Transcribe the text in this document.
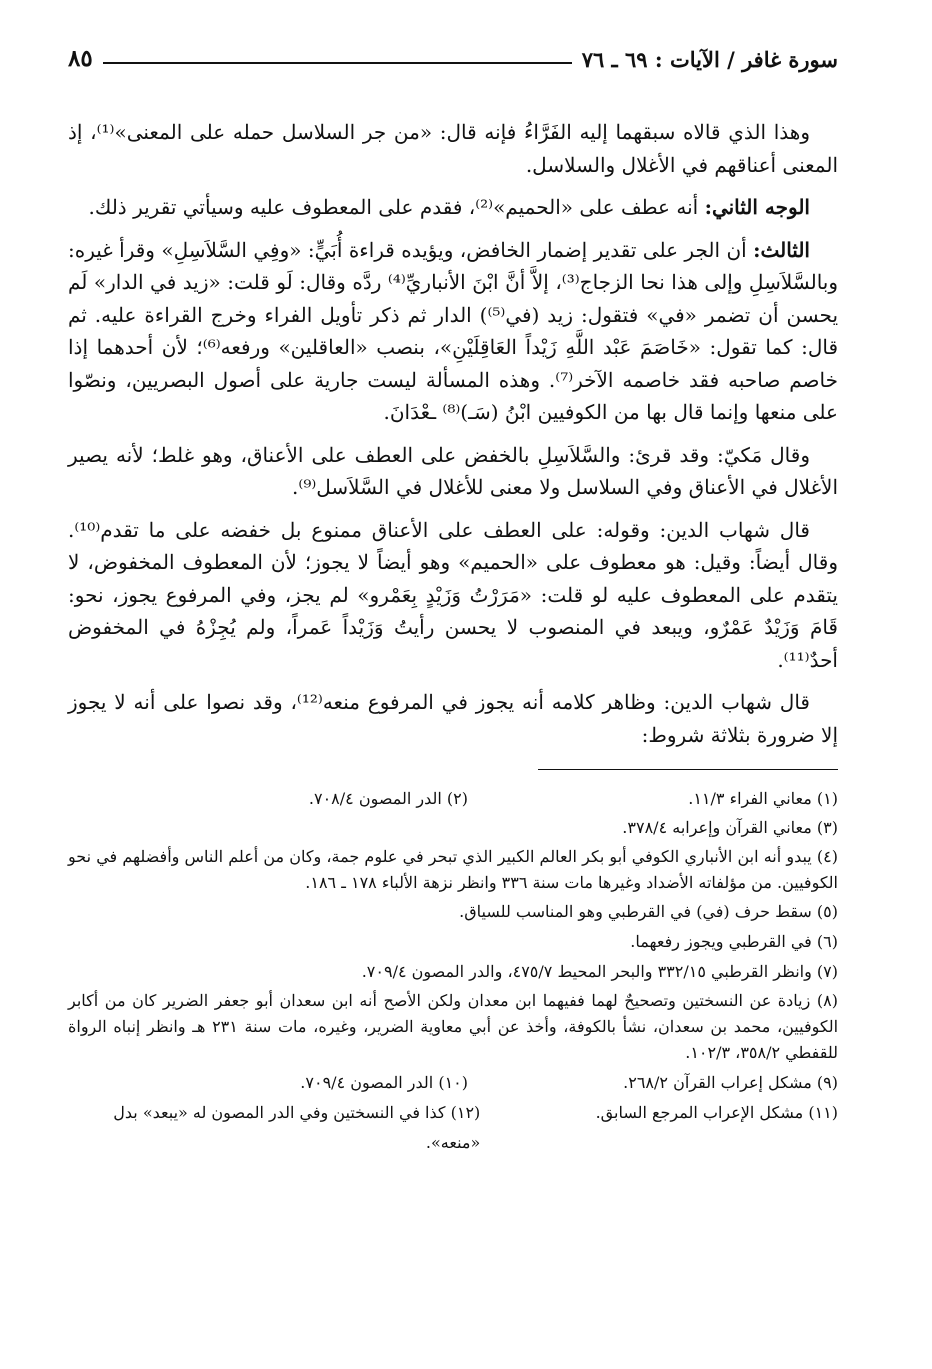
سورة غافر / الآيات : ٦٩ ـ ٧٦
٨٥

وهذا الذي قالاه سبقهما إليه الفَرَّاءُ فإنه قال: «من جر السلاسل حمله على المعنى»⁽¹⁾، إذ المعنى أعناقهم في الأغلال والسلاسل.

الوجه الثاني: أنه عطف على «الحميم»⁽²⁾، فقدم على المعطوف عليه وسيأتي تقرير ذلك.

الثالث: أن الجر على تقدير إضمار الخافض، ويؤيده قراءة أُبَيٍّ: «وفِي السَّلاَسِلِ» وقرأ غيره: وبالسَّلاَسِلِ وإلى هذا نحا الزجاج⁽³⁾، إلاَّ أنَّ ابْنَ الأنباريِّ⁽⁴⁾ ردَّه وقال: لَو قلت: «زيد في الدار» لَم يحسن أن تضمر «في» فتقول: زيد (في⁽⁵⁾) الدار ثم ذكر تأويل الفراء وخرج القراءة عليه. ثم قال: كما تقول: «خَاصَمَ عَبْد اللَّهِ زَيْداً العَاقِلَيْنِ»، بنصب «العاقلين» ورفعه⁽⁶⁾؛ لأن أحدهما إذا خاصم صاحبه فقد خاصمه الآخر⁽⁷⁾. وهذه المسألة ليست جارية على أصول البصريين، ونصّوا على منعها وإنما قال بها من الكوفيين ابْنُ (سَـ)⁽⁸⁾ ـعْدَانَ.

وقال مَكيّ: وقد قرئ: والسَّلاَسِلِ بالخفض على العطف على الأعناق، وهو غلط؛ لأنه يصير الأغلال في الأعناق وفي السلاسل ولا معنى للأغلال في السَّلاَسل⁽⁹⁾.

قال شهاب الدين: وقوله: على العطف على الأعناق ممنوع بل خفضه على ما تقدم⁽¹⁰⁾. وقال أيضاً: وقيل: هو معطوف على «الحميم» وهو أيضاً لا يجوز؛ لأن المعطوف المخفوض، لا يتقدم على المعطوف عليه لو قلت: «مَرَرْتُ وَزَيْدٍ بِعَمْرو» لم يجز، وفي المرفوع يجوز، نحو: قَامَ وَزَيْدٌ عَمْرٌو، ويبعد في المنصوب لا يحسن رأيتُ وَزَيْداً عَمراً، ولم يُجِزْهُ في المخفوض أحدٌ⁽¹¹⁾.

قال شهاب الدين: وظاهر كلامه أنه يجوز في المرفوع منعه⁽¹²⁾، وقد نصوا على أنه لا يجوز إلا ضرورة بثلاثة شروط:

(١) معاني الفراء ١١/٣.
(٢) الدر المصون ٧٠٨/٤.

(٣) معاني القرآن وإعرابه ٣٧٨/٤.

(٤) يبدو أنه ابن الأنباري الكوفي أبو بكر العالم الكبير الذي تبحر في علوم جمة، وكان من أعلم الناس وأفضلهم في نحو الكوفيين. من مؤلفاته الأضداد وغيرها مات سنة ٣٣٦ وانظر نزهة الألباء ١٧٨ ـ ١٨٦.

(٥) سقط حرف (في) في القرطبي وهو المناسب للسياق.

(٦) في القرطبي ويجوز رفعهما.

(٧) وانظر القرطبي ٣٣٢/١٥ والبحر المحيط ٤٧٥/٧، والدر المصون ٧٠٩/٤.

(٨) زيادة عن النسختين وتصحيحٌ لهما ففيهما ابن معدان ولكن الأصح أنه ابن سعدان أبو جعفر الضرير كان من أكابر الكوفيين، محمد بن سعدان، نشأ بالكوفة، وأخذ عن أبي معاوية الضرير، وغيره، مات سنة ٢٣١ هـ وانظر إنباه الرواة للقفطي ٣٥٨/٢، ١٠٢/٣.

(٩) مشكل إعراب القرآن ٢٦٨/٢.
(١٠) الدر المصون ٧٠٩/٤.
(١١) مشكل الإعراب المرجع السابق.
(١٢) كذا في النسختين وفي الدر المصون له «يبعد» بدل «منعه».
